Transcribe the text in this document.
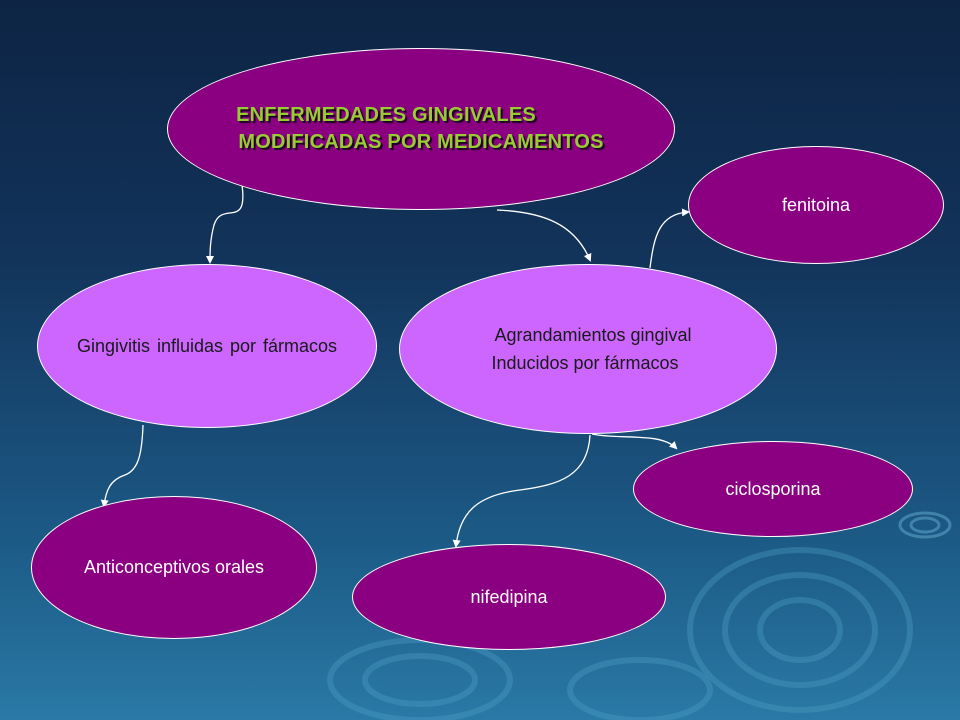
ENFERMEDADES GINGIVALES
MODIFICADAS POR MEDICAMENTOS
Gingivitis influidas por fármacos
Agrandamientos gingival
Inducidos por fármacos
fenitoina
ciclosporina
Anticonceptivos orales
nifedipina
